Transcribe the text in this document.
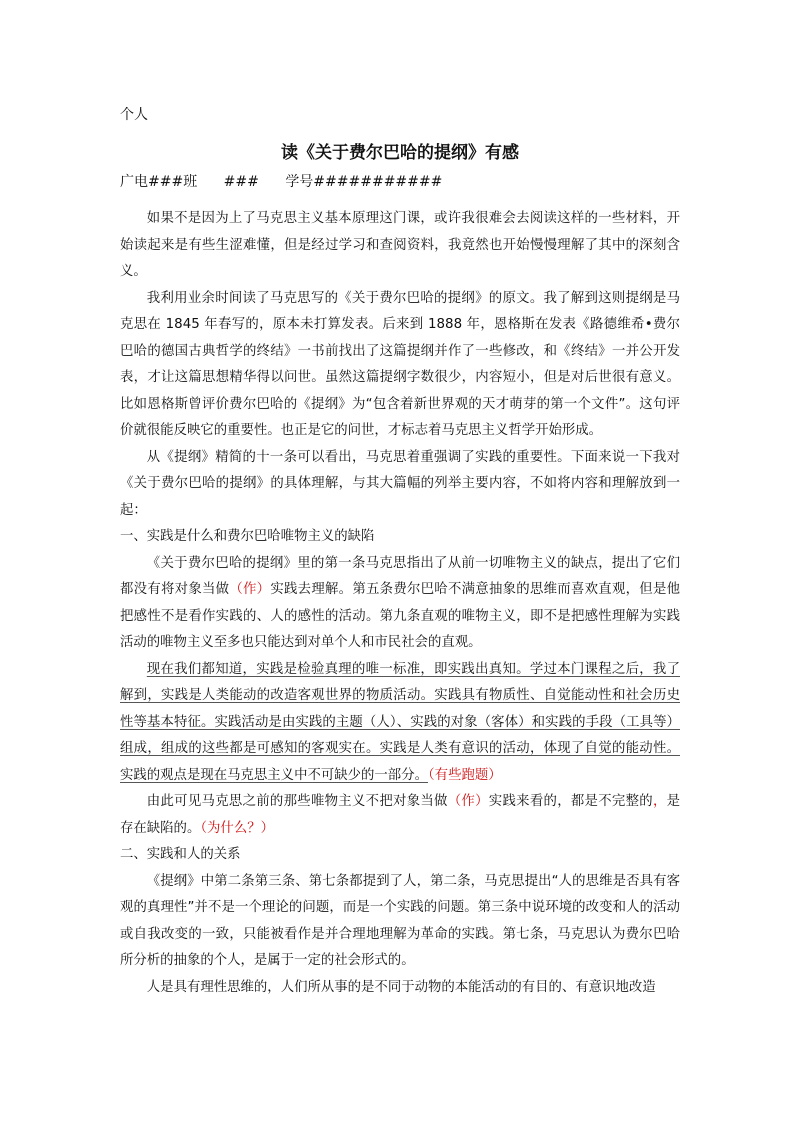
个人
读《关于费尔巴哈的提纲》有感
广电###班 ### 学号###########

如果不是因为上了马克思主义基本原理这门课，或许我很难会去阅读这样的一些材料，开始读起来是有些生涩难懂，但是经过学习和查阅资料，我竟然也开始慢慢理解了其中的深刻含义。

我利用业余时间读了马克思写的《关于费尔巴哈的提纲》的原文。我了解到这则提纲是马克思在 1845 年春写的，原本未打算发表。后来到 1888 年，恩格斯在发表《路德维希•费尔巴哈的德国古典哲学的终结》一书前找出了这篇提纲并作了一些修改，和《终结》一并公开发表，才让这篇思想精华得以问世。虽然这篇提纲字数很少，内容短小，但是对后世很有意义。比如恩格斯曾评价费尔巴哈的《提纲》为“包含着新世界观的天才萌芽的第一个文件”。这句评价就很能反映它的重要性。也正是它的问世，才标志着马克思主义哲学开始形成。

从《提纲》精简的十一条可以看出，马克思着重强调了实践的重要性。下面来说一下我对《关于费尔巴哈的提纲》的具体理解，与其大篇幅的列举主要内容，不如将内容和理解放到一起：

一、实践是什么和费尔巴哈唯物主义的缺陷

《关于费尔巴哈的提纲》里的第一条马克思指出了从前一切唯物主义的缺点，提出了它们都没有将对象当做（作）实践去理解。第五条费尔巴哈不满意抽象的思维而喜欢直观，但是他把感性不是看作实践的、人的感性的活动。第九条直观的唯物主义，即不是把感性理解为实践活动的唯物主义至多也只能达到对单个人和市民社会的直观。

现在我们都知道，实践是检验真理的唯一标准，即实践出真知。学过本门课程之后，我了解到，实践是人类能动的改造客观世界的物质活动。实践具有物质性、自觉能动性和社会历史性等基本特征。实践活动是由实践的主题（人）、实践的对象（客体）和实践的手段（工具等）组成，组成的这些都是可感知的客观实在。实践是人类有意识的活动，体现了自觉的能动性。实践的观点是现在马克思主义中不可缺少的一部分。（有些跑题）

由此可见马克思之前的那些唯物主义不把对象当做（作）实践来看的，都是不完整的，是存在缺陷的。（为什么？）

二、实践和人的关系

《提纲》中第二条第三条、第七条都提到了人，第二条，马克思提出“人的思维是否具有客观的真理性”并不是一个理论的问题，而是一个实践的问题。第三条中说环境的改变和人的活动或自我改变的一致，只能被看作是并合理地理解为革命的实践。第七条，马克思认为费尔巴哈所分析的抽象的个人，是属于一定的社会形式的。

人是具有理性思维的，人们所从事的是不同于动物的本能活动的有目的、有意识地改造
